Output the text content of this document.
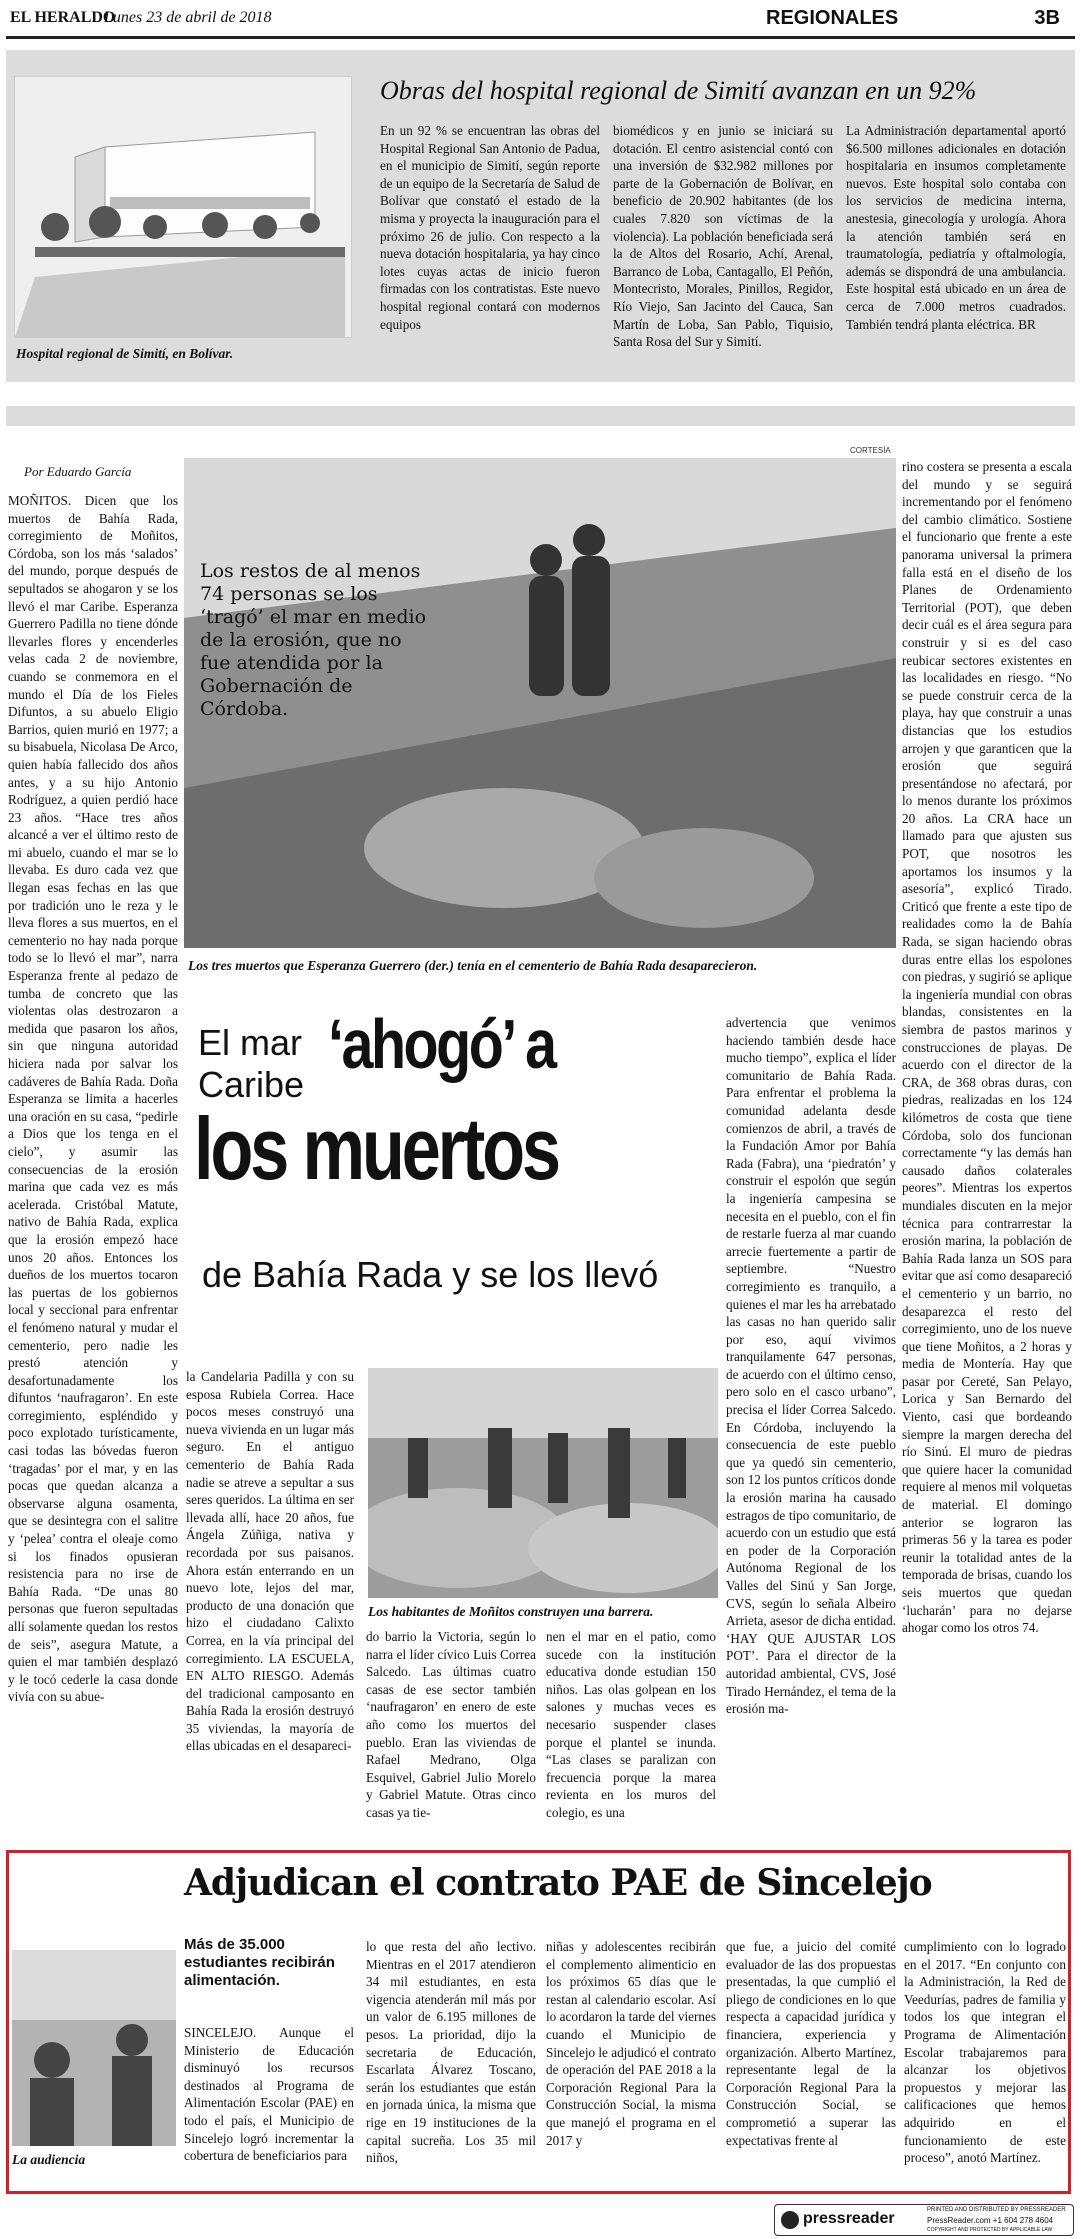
EL HERALDO
Lunes 23 de abril de 2018	REGIONALES	3B
Hospital regional de Simití, en Bolívar.
Obras del hospital regional de Simití avanzan en un 92%
En un 92 % se encuentran las obras del Hospital Regional San Antonio de Padua, en el municipio de Simití, según reporte de un equipo de la Secretaría de Salud de Bolívar que constató el estado de la misma y proyecta la inauguración para el próximo 26 de julio. Con respecto a la nueva dotación hospitalaria, ya hay cinco lotes cuyas actas de inicio fueron firmadas con los contratistas. Este nuevo hospital regional contará con modernos equipos
biomédicos y en junio se iniciará su dotación. El centro asistencial contó con una inversión de $32.982 millones por parte de la Gobernación de Bolívar, en beneficio de 20.902 habitantes (de los cuales 7.820 son víctimas de la violencia). La población beneficiada será la de Altos del Rosario, Achí, Arenal, Barranco de Loba, Cantagallo, El Peñón, Montecristo, Morales, Pinillos, Regidor, Río Viejo, San Jacinto del Cauca, San Martín de Loba, San Pablo, Tiquisio, Santa Rosa del Sur y Simití.
La Administración departamental aportó $6.500 millones adicionales en dotación hospitalaria en insumos completamente nuevos. Este hospital solo contaba con los servicios de medicina interna, anestesia, ginecología y urología. Ahora la atención también será en traumatología, pediatría y oftalmología, además se dispondrá de una ambulancia. Este hospital está ubicado en un área de cerca de 7.000 metros cuadrados. También tendrá planta eléctrica. BR
Por Eduardo García
MOÑITOS. Dicen que los muertos de Bahía Rada, corregimiento de Moñitos, Córdoba, son los más ‘salados’ del mundo, porque después de sepultados se ahogaron y se los llevó el mar Caribe. Esperanza Guerrero Padilla no tiene dónde llevarles flores y encenderles velas cada 2 de noviembre, cuando se conmemora en el mundo el Día de los Fieles Difuntos, a su abuelo Eligio Barrios, quien murió en 1977; a su bisabuela, Nicolasa De Arco, quien había fallecido dos años antes, y a su hijo Antonio Rodríguez, a quien perdió hace 23 años. “Hace tres años alcancé a ver el último resto de mi abuelo, cuando el mar se lo llevaba. Es duro cada vez que llegan esas fechas en las que por tradición uno le reza y le lleva flores a sus muertos, en el cementerio no hay nada porque todo se lo llevó el mar”, narra Esperanza frente al pedazo de tumba de concreto que las violentas olas destrozaron a medida que pasaron los años, sin que ninguna autoridad hiciera nada por salvar los cadáveres de Bahía Rada. Doña Esperanza se limita a hacerles una oración en su casa, “pedirle a Dios que los tenga en el cielo”, y asumir las consecuencias de la erosión marina que cada vez es más acelerada. Cristóbal Matute, nativo de Bahía Rada, explica que la erosión empezó hace unos 20 años. Entonces los dueños de los muertos tocaron las puertas de los gobiernos local y seccional para enfrentar el fenómeno natural y mudar el cementerio, pero nadie les prestó atención y desafortunadamente los difuntos ‘naufragaron’. En este corregimiento, espléndido y poco explotado turísticamente, casi todas las bóvedas fueron ‘tragadas’ por el mar, y en las pocas que quedan alcanza a observarse alguna osamenta, que se desintegra con el salitre y ‘pelea’ contra el oleaje como si los finados opusieran resistencia para no irse de Bahía Rada. “De unas 80 personas que fueron sepultadas allí solamente quedan los restos de seis”, asegura Matute, a quien el mar también desplazó y le tocó cederle la casa donde vivía con su abue-
CORTESÍA
Los restos de al menos 74 personas se los ‘tragó’ el mar en medio de la erosión, que no fue atendida por la Gobernación de Córdoba.
Los tres muertos que Esperanza Guerrero (der.) tenía en el cementerio de Bahía Rada desaparecieron.
El mar
Caribe
‘ahogó’ a
los muertos
de Bahía Rada y se los llevó
advertencia que venimos haciendo también desde hace mucho tiempo”, explica el líder comunitario de Bahía Rada. Para enfrentar el problema la comunidad adelanta desde comienzos de abril, a través de la Fundación Amor por Bahía Rada (Fabra), una ‘piedratón’ y construir el espolón que según la ingeniería campesina se necesita en el pueblo, con el fin de restarle fuerza al mar cuando arrecie fuertemente a partir de septiembre. “Nuestro corregimiento es tranquilo, a quienes el mar les ha arrebatado las casas no han querido salir por eso, aquí vivimos tranquilamente 647 personas, de acuerdo con el último censo, pero solo en el casco urbano”, precisa el líder Correa Salcedo. En Córdoba, incluyendo la consecuencia de este pueblo que ya quedó sin cementerio, son 12 los puntos críticos donde la erosión marina ha causado estragos de tipo comunitario, de acuerdo con un estudio que está en poder de la Corporación Autónoma Regional de los Valles del Sinú y San Jorge, CVS, según lo señala Albeiro Arrieta, asesor de dicha entidad. ‘HAY QUE AJUSTAR LOS POT’. Para el director de la autoridad ambiental, CVS, José Tirado Hernández, el tema de la erosión ma-
rino costera se presenta a escala del mundo y se seguirá incrementando por el fenómeno del cambio climático. Sostiene el funcionario que frente a este panorama universal la primera falla está en el diseño de los Planes de Ordenamiento Territorial (POT), que deben decir cuál es el área segura para construir y si es del caso reubicar sectores existentes en las localidades en riesgo. “No se puede construir cerca de la playa, hay que construir a unas distancias que los estudios arrojen y que garanticen que la erosión que seguirá presentándose no afectará, por lo menos durante los próximos 20 años. La CRA hace un llamado para que ajusten sus POT, que nosotros les aportamos los insumos y la asesoría”, explicó Tirado. Criticó que frente a este tipo de realidades como la de Bahía Rada, se sigan haciendo obras duras entre ellas los espolones con piedras, y sugirió se aplique la ingeniería mundial con obras blandas, consistentes en la siembra de pastos marinos y construcciones de playas. De acuerdo con el director de la CRA, de 368 obras duras, con piedras, realizadas en los 124 kilómetros de costa que tiene Córdoba, solo dos funcionan correctamente “y las demás han causado daños colaterales peores”. Mientras los expertos mundiales discuten en la mejor técnica para contrarrestar la erosión marina, la población de Bahía Rada lanza un SOS para evitar que así como desapareció el cementerio y un barrio, no desaparezca el resto del corregimiento, uno de los nueve que tiene Moñitos, a 2 horas y media de Montería. Hay que pasar por Cereté, San Pelayo, Lorica y San Bernardo del Viento, casi que bordeando siempre la margen derecha del río Sinú. El muro de piedras que quiere hacer la comunidad requiere al menos mil volquetas de material. El domingo anterior se lograron las primeras 56 y la tarea es poder reunir la totalidad antes de la temporada de brisas, cuando los seis muertos que quedan ‘lucharán’ para no dejarse ahogar como los otros 74.
la Candelaria Padilla y con su esposa Rubiela Correa. Hace pocos meses construyó una nueva vivienda en un lugar más seguro. En el antiguo cementerio de Bahía Rada nadie se atreve a sepultar a sus seres queridos. La última en ser llevada allí, hace 20 años, fue Ángela Zúñiga, nativa y recordada por sus paisanos. Ahora están enterrando en un nuevo lote, lejos del mar, producto de una donación que hizo el ciudadano Calixto Correa, en la vía principal del corregimiento. LA ESCUELA, EN ALTO RIESGO. Además del tradicional camposanto en Bahía Rada la erosión destruyó 35 viviendas, la mayoría de ellas ubicadas en el desapareci-
Los habitantes de Moñitos construyen una barrera.
do barrio la Victoria, según lo narra el líder cívico Luis Correa Salcedo. Las últimas cuatro casas de ese sector también ‘naufragaron’ en enero de este año como los muertos del pueblo. Eran las viviendas de Rafael Medrano, Olga Esquivel, Gabriel Julio Morelo y Gabriel Matute. Otras cinco casas ya tie-
nen el mar en el patio, como sucede con la institución educativa donde estudian 150 niños. Las olas golpean en los salones y muchas veces es necesario suspender clases porque el plantel se inunda. “Las clases se paralizan con frecuencia porque la marea revienta en los muros del colegio, es una
Adjudican el contrato PAE de Sincelejo
La audiencia
Más de 35.000 estudiantes recibirán alimentación.
SINCELEJO. Aunque el Ministerio de Educación disminuyó los recursos destinados al Programa de Alimentación Escolar (PAE) en todo el país, el Municipio de Sincelejo logró incrementar la cobertura de beneficiarios para
lo que resta del año lectivo. Mientras en el 2017 atendieron 34 mil estudiantes, en esta vigencia atenderán mil más por un valor de 6.195 millones de pesos. La prioridad, dijo la secretaria de Educación, Escarlata Álvarez Toscano, serán los estudiantes que están en jornada única, la misma que rige en 19 instituciones de la capital sucreña. Los 35 mil niños,
niñas y adolescentes recibirán el complemento alimenticio en los próximos 65 días que le restan al calendario escolar. Así lo acordaron la tarde del viernes cuando el Municipio de Sincelejo le adjudicó el contrato de operación del PAE 2018 a la Corporación Regional Para la Construcción Social, la misma que manejó el programa en el 2017 y
que fue, a juicio del comité evaluador de las dos propuestas presentadas, la que cumplió el pliego de condiciones en lo que respecta a capacidad jurídica y financiera, experiencia y organización. Alberto Martínez, representante legal de la Corporación Regional Para la Construcción Social, se comprometió a superar las expectativas frente al
cumplimiento con lo logrado en el 2017. “En conjunto con la Administración, la Red de Veedurías, padres de familia y todos los que integran el Programa de Alimentación Escolar trabajaremos para alcanzar los objetivos propuestos y mejorar las calificaciones que hemos adquirido en el funcionamiento de este proceso”, anotó Martínez.
pressreader	PRINTED AND DISTRIBUTED BY PRESSREADER
PressReader.com +1 604 278 4604
COPYRIGHT AND PROTECTED BY APPLICABLE LAW
